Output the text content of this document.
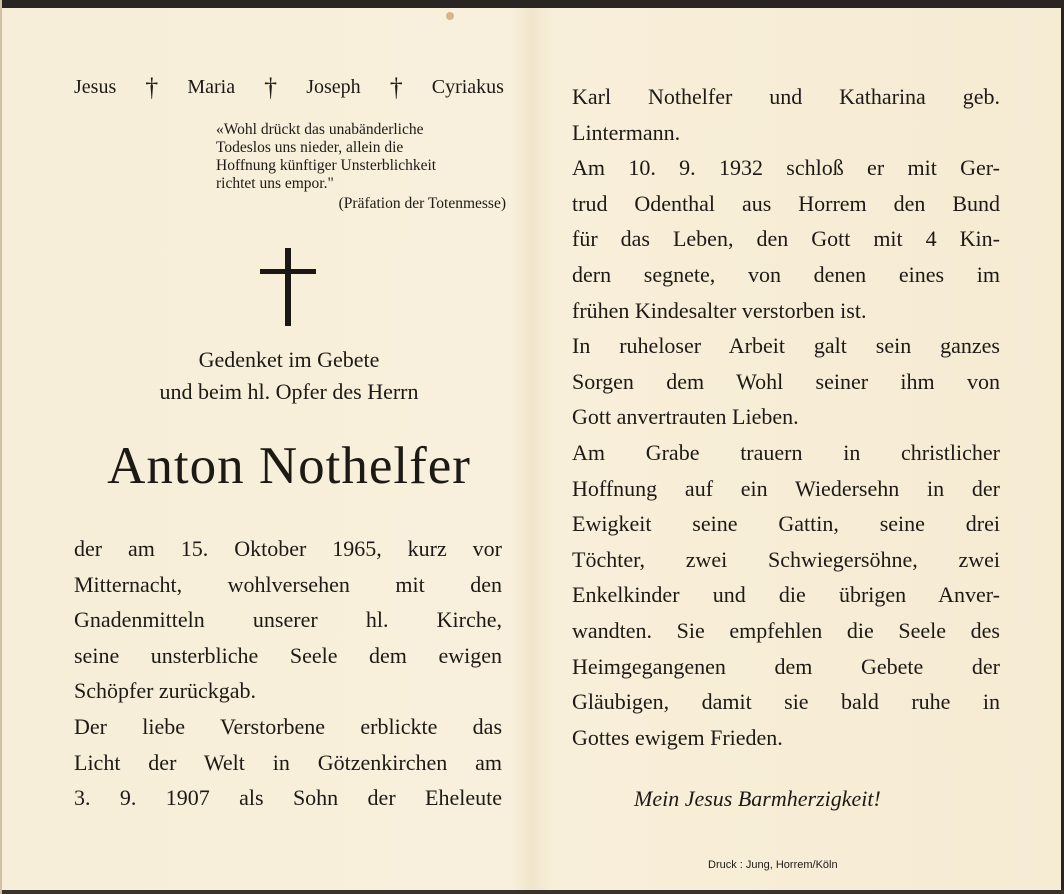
Jesus † Maria † Joseph † Cyriakus

«Wohl drückt das unabänderliche

Todeslos uns nieder, allein die

Hoffnung künftiger Unsterblichkeit

richtet uns empor."

(Präfation der Totenmesse)

Gedenket im Gebete
und beim hl. Opfer des Herrn
Anton Nothelfer
der am 15. Oktober 1965, kurz vor
Mitternacht, wohlversehen mit den
Gnadenmitteln unserer hl. Kirche,
seine unsterbliche Seele dem ewigen
Schöpfer zurückgab.
Der liebe Verstorbene erblickte das
Licht der Welt in Götzenkirchen am
3. 9. 1907 als Sohn der Eheleute
Karl Nothelfer und Katharina geb.
Lintermann.
Am 10. 9. 1932 schloß er mit Ger-
trud Odenthal aus Horrem den Bund
für das Leben, den Gott mit 4 Kin-
dern segnete, von denen eines im
frühen Kindesalter verstorben ist.
In ruheloser Arbeit galt sein ganzes
Sorgen dem Wohl seiner ihm von
Gott anvertrauten Lieben.
Am Grabe trauern in christlicher
Hoffnung auf ein Wiedersehn in der
Ewigkeit seine Gattin, seine drei
Töchter, zwei Schwiegersöhne, zwei
Enkelkinder und die übrigen Anver-
wandten. Sie empfehlen die Seele des
Heimgegangenen dem Gebete der
Gläubigen, damit sie bald ruhe in
Gottes ewigem Frieden.
Mein Jesus Barmherzigkeit!
Druck : Jung, Horrem/Köln
